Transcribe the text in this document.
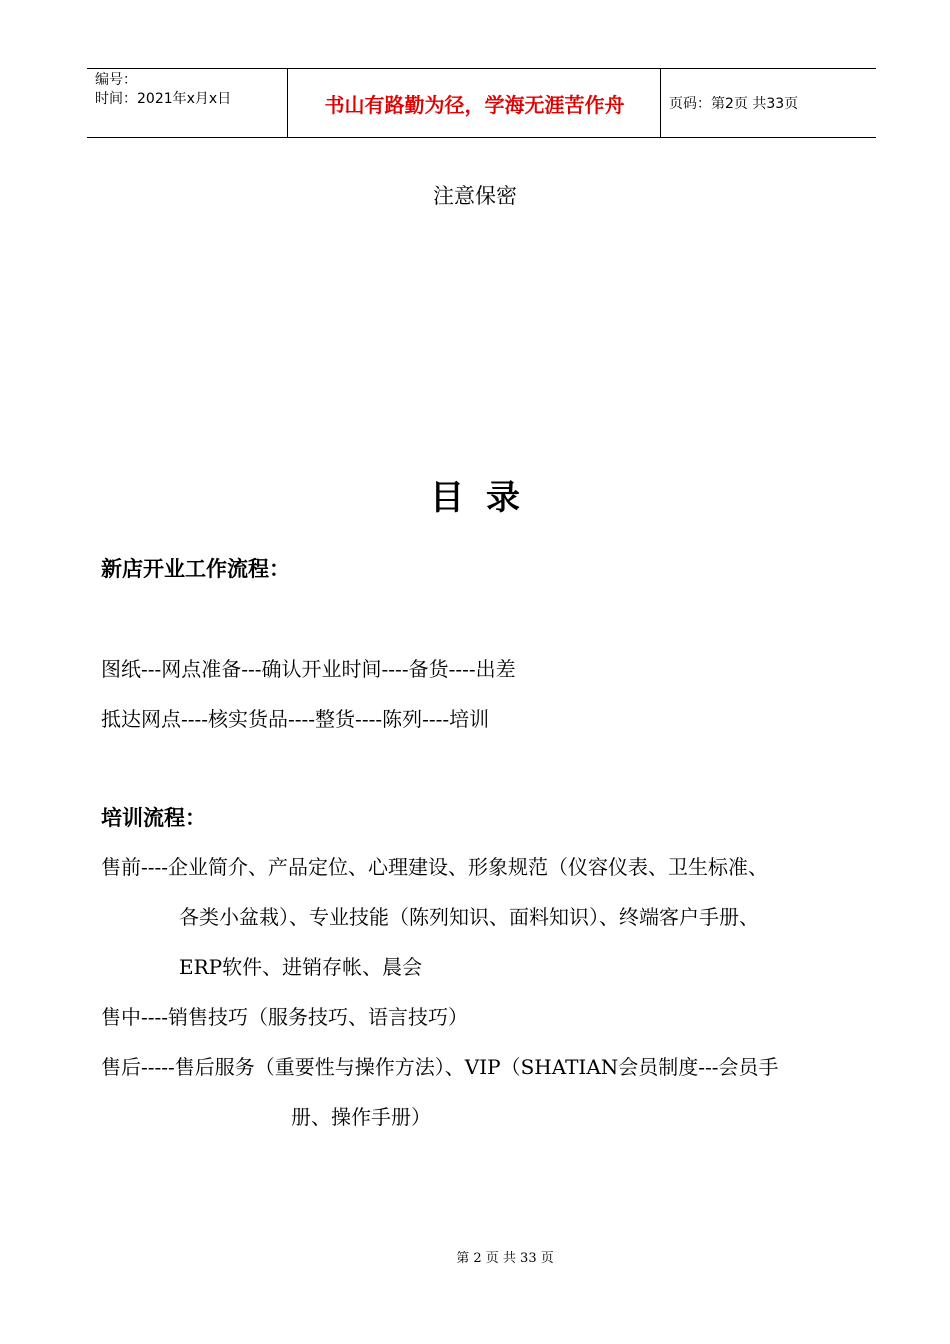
编号：
时间：2021年x月x日	书山有路勤为径，学海无涯苦作舟	页码：第2页 共33页
注意保密
目录
新店开业工作流程：
图纸---网点准备---确认开业时间----备货----出差
抵达网点----核实货品----整货----陈列----培训
培训流程：
售前----企业简介、产品定位、心理建设、形象规范（仪容仪表、卫生标准、
各类小盆栽）、专业技能（陈列知识、面料知识）、终端客户手册、
ERP软件、进销存帐、晨会
售中----销售技巧（服务技巧、语言技巧）
售后-----售后服务（重要性与操作方法）、VIP（SHATIAN会员制度---会员手
册、操作手册）
第 2 页 共 33 页
